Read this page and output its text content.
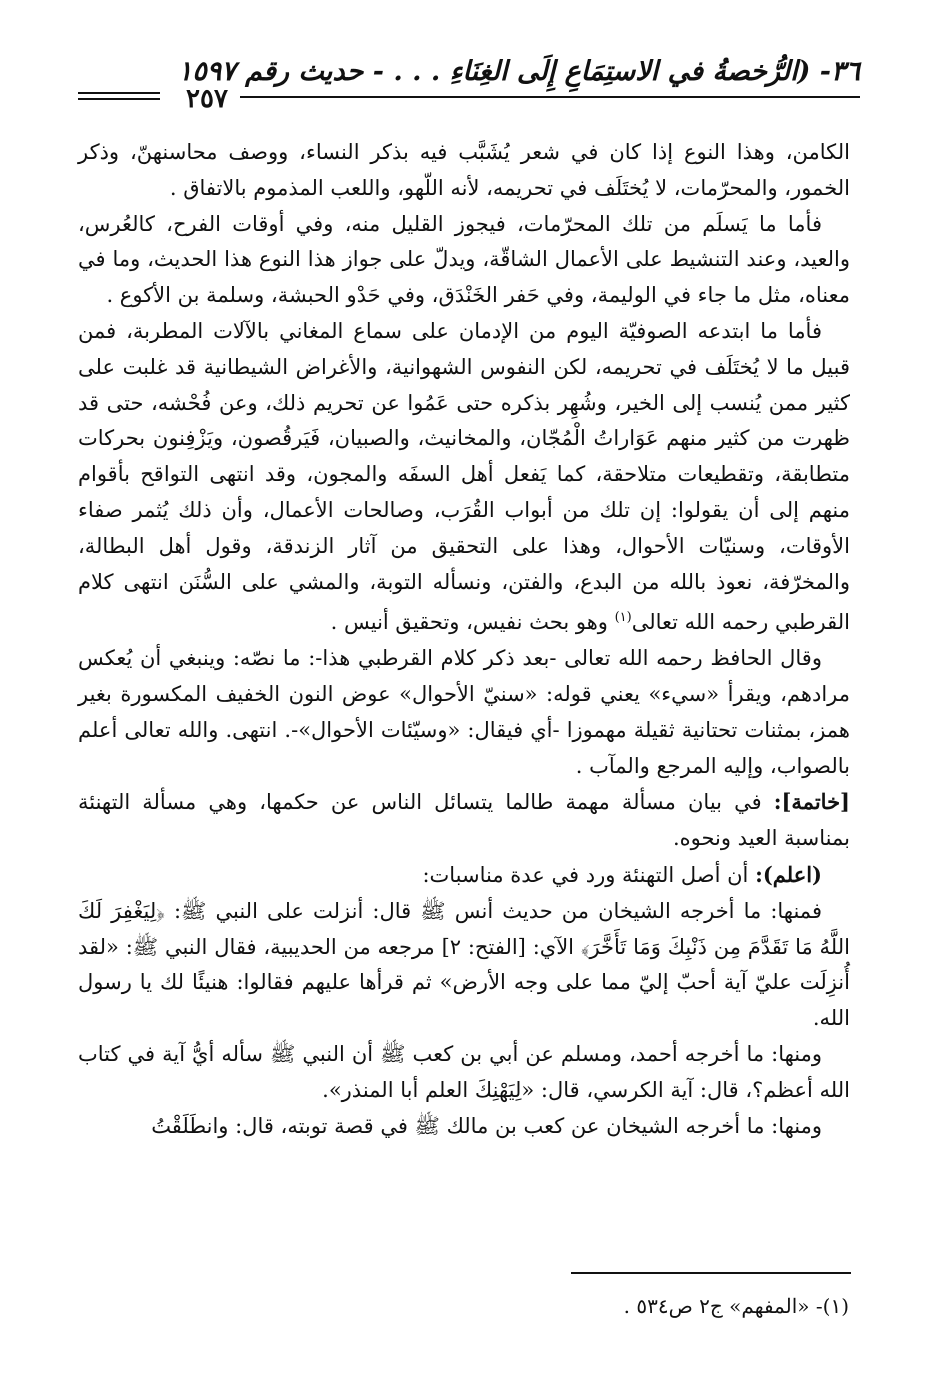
٣٦- (الرُّخصةُ في الاستِمَاعِ إِلَى الغِنَاءِ . . . - حديث رقم ١٥٩٧
٢٥٧

الكامن، وهذا النوع إذا كان في شعر يُشَبَّب فيه بذكر النساء، ووصف محاسنهنّ، وذكر الخمور، والمحرّمات، لا يُختَلَف في تحريمه، لأنه اللّهو، واللعب المذموم بالاتفاق .

فأما ما يَسلَم من تلك المحرّمات، فيجوز القليل منه، وفي أوقات الفرح، كالعُرس، والعيد، وعند التنشيط على الأعمال الشاقّة، ويدلّ على جواز هذا النوع هذا الحديث، وما في معناه، مثل ما جاء في الوليمة، وفي حَفر الخَنْدَق، وفي حَدْو الحبشة، وسلمة بن الأكوع .

فأما ما ابتدعه الصوفيّة اليوم من الإدمان على سماع المغاني بالآلات المطربة، فمن قبيل ما لا يُختَلَف في تحريمه، لكن النفوس الشهوانية، والأغراض الشيطانية قد غلبت على كثير ممن يُنسب إلى الخير، وشُهِر بذكره حتى عَمُوا عن تحريم ذلك، وعن فُحْشه، حتى قد ظهرت من كثير منهم عَوَاراتُ الْمُجّان، والمخانيث، والصبيان، فَيَرقُصون، ويَزْفِنون بحركات متطابقة، وتقطيعات متلاحقة، كما يَفعل أهل السفَه والمجون، وقد انتهى التواقح بأقوام منهم إلى أن يقولوا: إن تلك من أبواب القُرَب، وصالحات الأعمال، وأن ذلك يُثمر صفاء الأوقات، وسنيّات الأحوال، وهذا على التحقيق من آثار الزندقة، وقول أهل البطالة، والمخرّفة، نعوذ بالله من البدع، والفتن، ونسأله التوبة، والمشي على السُّنَن انتهى كلام القرطبي رحمه الله تعالى$^{(١)}$ وهو بحث نفيس، وتحقيق أنيس .

وقال الحافظ رحمه الله تعالى -بعد ذكر كلام القرطبي هذا-: ما نصّه: وينبغي أن يُعكس مرادهم، ويقرأ «سيء» يعني قوله: «سنيّ الأحوال» عوض النون الخفيف المكسورة بغير همز، بمثنات تحتانية ثقيلة مهموزا -أي فيقال: «وسيّئات الأحوال»-. انتهى. والله تعالى أعلم بالصواب، وإليه المرجع والمآب .

[خاتمة]: في بيان مسألة مهمة طالما يتسائل الناس عن حكمها، وهي مسألة التهنئة بمناسبة العيد ونحوه.

(اعلم): أن أصل التهنئة ورد في عدة مناسبات:

فمنها: ما أخرجه الشيخان من حديث أنس ﷺ قال: أنزلت على النبي ﷺ: ﴿لِيَغْفِرَ لَكَ اللَّهُ مَا تَقَدَّمَ مِن ذَنْبِكَ وَمَا تَأَخَّرَ﴾ الآي: [الفتح: ٢] مرجعه من الحديبية، فقال النبي ﷺ: «لقد أُنزِلَت عليّ آية أحبّ إليّ مما على وجه الأرض» ثم قرأها عليهم فقالوا: هنيئًا لك يا رسول الله.

ومنها: ما أخرجه أحمد، ومسلم عن أبي بن كعب ﷺ أن النبي ﷺ سأله أيُّ آية في كتاب الله أعظم؟، قال: آية الكرسي، قال: «لِيَهْنِكَ العلم أبا المنذر».

ومنها: ما أخرجه الشيخان عن كعب بن مالك ﷺ في قصة توبته، قال: وانطَلَقْتُ

(١)- «المفهم» ج٢ ص٥٣٤ .
